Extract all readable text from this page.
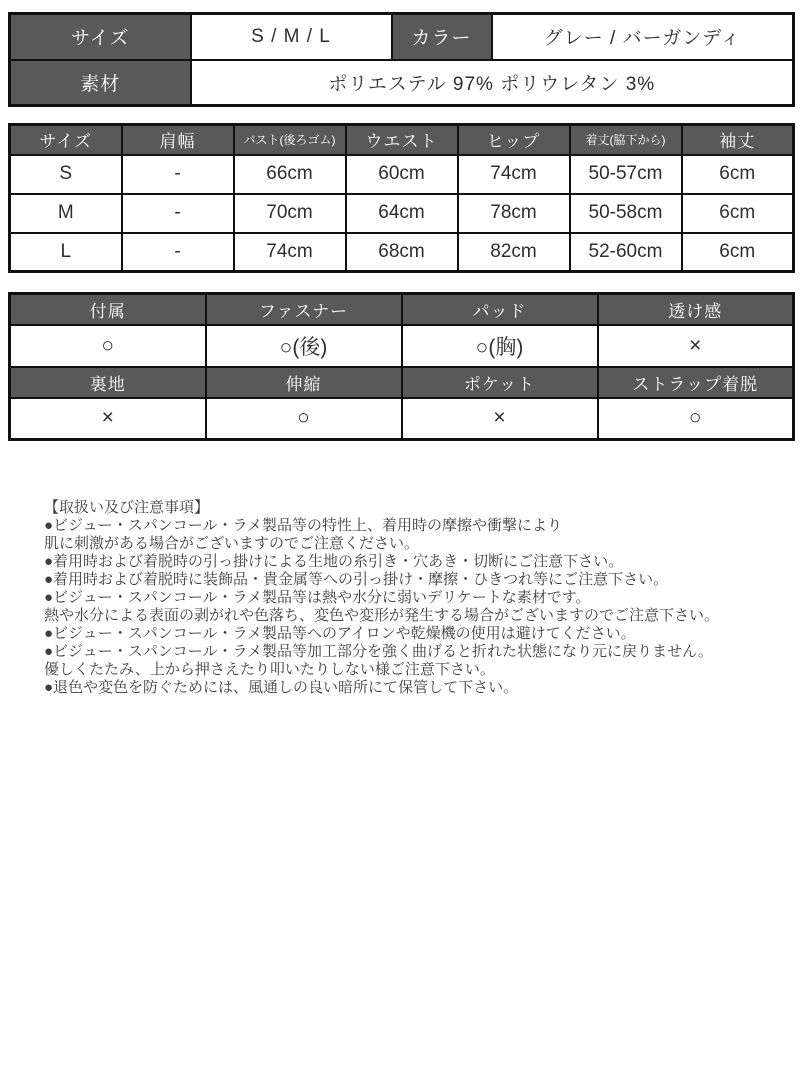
サイズ	S / M / L	カラー	グレー / バーガンディ
素材	ポリエステル 97% ポリウレタン 3%		
サイズ	肩幅	バスト(後ろゴム)	ウエスト	ヒップ	着丈(脇下から)	袖丈
S	-	66cm	60cm	74cm	50-57cm	6cm
M	-	70cm	64cm	78cm	50-58cm	6cm
L	-	74cm	68cm	82cm	52-60cm	6cm
付属	ファスナー	パッド	透け感
○	○(後)	○(胸)	×
裏地	伸縮	ポケット	ストラップ着脱
×	○	×	○
【取扱い及び注意事項】
●ビジュー・スパンコール・ラメ製品等の特性上、着用時の摩擦や衝撃により
肌に刺激がある場合がございますのでご注意ください。
●着用時および着脱時の引っ掛けによる生地の糸引き・穴あき・切断にご注意下さい。
●着用時および着脱時に装飾品・貴金属等への引っ掛け・摩擦・ひきつれ等にご注意下さい。
●ビジュー・スパンコール・ラメ製品等は熱や水分に弱いデリケートな素材です。
熱や水分による表面の剥がれや色落ち、変色や変形が発生する場合がございますのでご注意下さい。
●ビジュー・スパンコール・ラメ製品等へのアイロンや乾燥機の使用は避けてください。
●ビジュー・スパンコール・ラメ製品等加工部分を強く曲げると折れた状態になり元に戻りません。
優しくたたみ、上から押さえたり叩いたりしない様ご注意下さい。
●退色や変色を防ぐためには、風通しの良い暗所にて保管して下さい。
